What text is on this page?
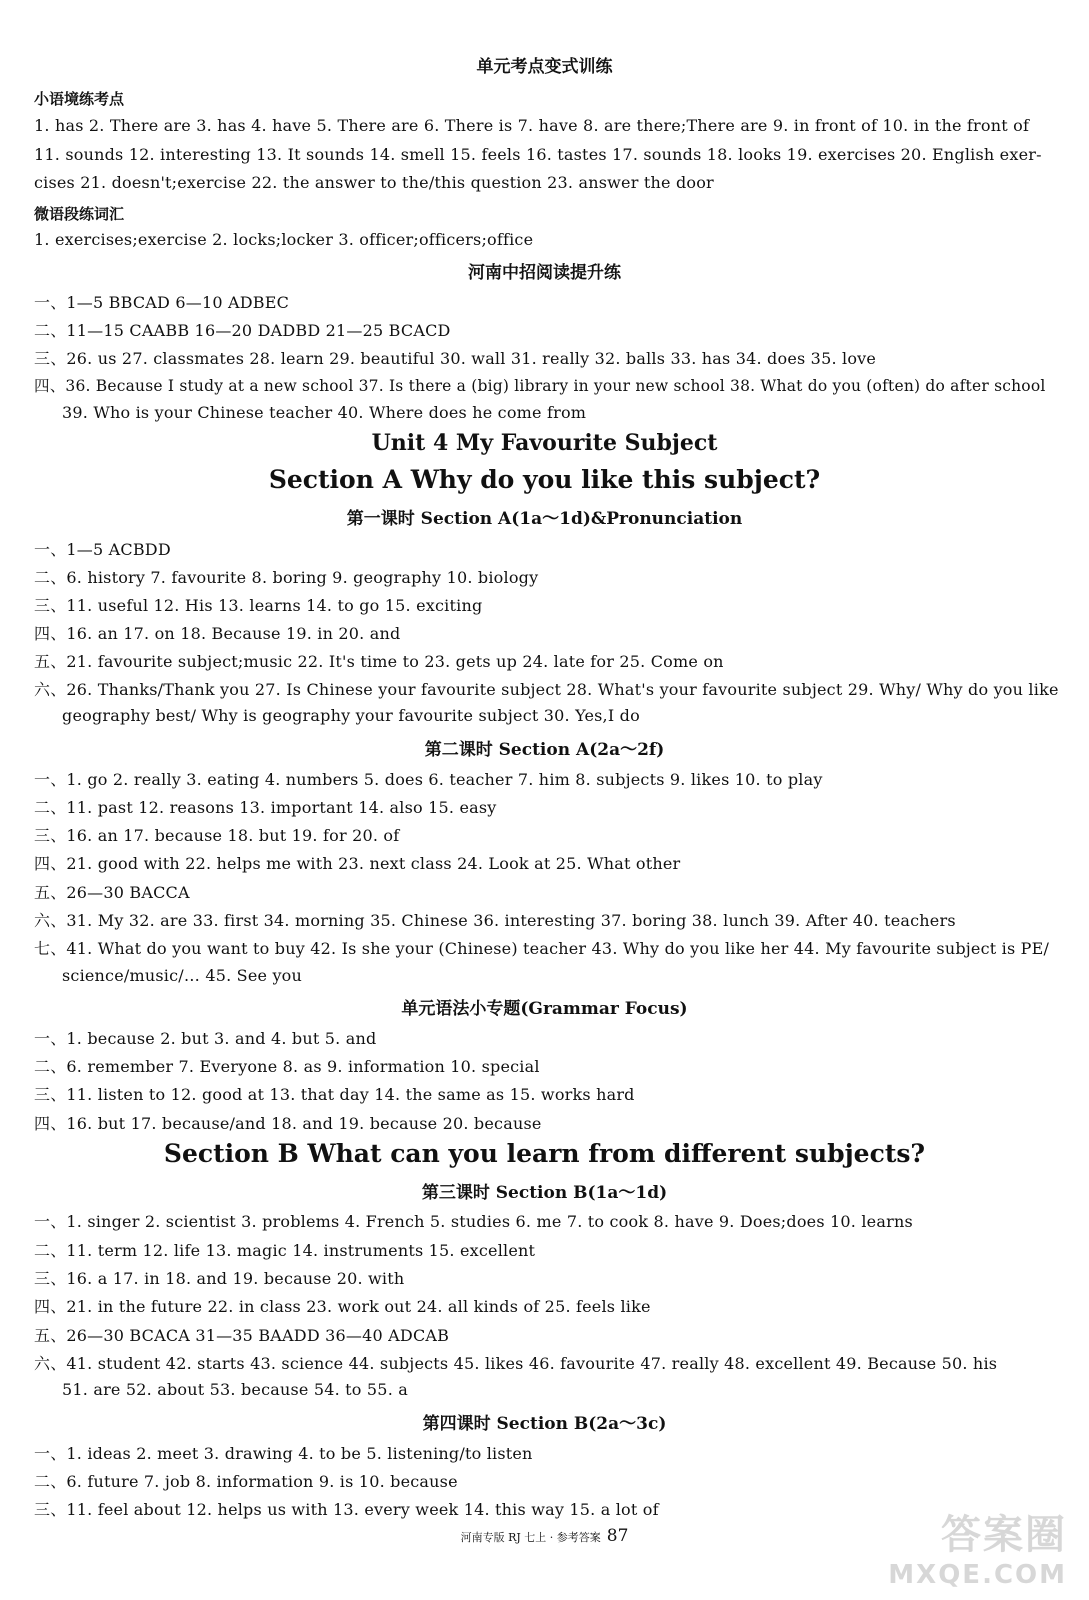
单元考点变式训练
小语境练考点
1. has 2. There are 3. has 4. have 5. There are 6. There is 7. have 8. are there;There are 9. in front of 10. in the front of
11. sounds 12. interesting 13. It sounds 14. smell 15. feels 16. tastes 17. sounds 18. looks 19. exercises 20. English exer-
cises 21. doesn't;exercise 22. the answer to the/this question 23. answer the door
微语段练词汇
1. exercises;exercise 2. locks;locker 3. officer;officers;office
河南中招阅读提升练
一、1—5 BBCAD 6—10 ADBEC
二、11—15 CAABB 16—20 DADBD 21—25 BCACD
三、26. us 27. classmates 28. learn 29. beautiful 30. wall 31. really 32. balls 33. has 34. does 35. love
四、36. Because I study at a new school 37. Is there a (big) library in your new school 38. What do you (often) do after school
39. Who is your Chinese teacher 40. Where does he come from
Unit 4 My Favourite Subject
Section A Why do you like this subject?
第一课时 Section A(1a～1d)&Pronunciation
一、1—5 ACBDD
二、6. history 7. favourite 8. boring 9. geography 10. biology
三、11. useful 12. His 13. learns 14. to go 15. exciting
四、16. an 17. on 18. Because 19. in 20. and
五、21. favourite subject;music 22. It's time to 23. gets up 24. late for 25. Come on
六、26. Thanks/Thank you 27. Is Chinese your favourite subject 28. What's your favourite subject 29. Why/ Why do you like
geography best/ Why is geography your favourite subject 30. Yes,I do
第二课时 Section A(2a～2f)
一、1. go 2. really 3. eating 4. numbers 5. does 6. teacher 7. him 8. subjects 9. likes 10. to play
二、11. past 12. reasons 13. important 14. also 15. easy
三、16. an 17. because 18. but 19. for 20. of
四、21. good with 22. helps me with 23. next class 24. Look at 25. What other
五、26—30 BACCA
六、31. My 32. are 33. first 34. morning 35. Chinese 36. interesting 37. boring 38. lunch 39. After 40. teachers
七、41. What do you want to buy 42. Is she your (Chinese) teacher 43. Why do you like her 44. My favourite subject is PE/
science/music/… 45. See you
单元语法小专题(Grammar Focus)
一、1. because 2. but 3. and 4. but 5. and
二、6. remember 7. Everyone 8. as 9. information 10. special
三、11. listen to 12. good at 13. that day 14. the same as 15. works hard
四、16. but 17. because/and 18. and 19. because 20. because
Section B What can you learn from different subjects?
第三课时 Section B(1a～1d)
一、1. singer 2. scientist 3. problems 4. French 5. studies 6. me 7. to cook 8. have 9. Does;does 10. learns
二、11. term 12. life 13. magic 14. instruments 15. excellent
三、16. a 17. in 18. and 19. because 20. with
四、21. in the future 22. in class 23. work out 24. all kinds of 25. feels like
五、26—30 BCACA 31—35 BAADD 36—40 ADCAB
六、41. student 42. starts 43. science 44. subjects 45. likes 46. favourite 47. really 48. excellent 49. Because 50. his
51. are 52. about 53. because 54. to 55. a
第四课时 Section B(2a～3c)
一、1. ideas 2. meet 3. drawing 4. to be 5. listening/to listen
二、6. future 7. job 8. information 9. is 10. because
三、11. feel about 12. helps us with 13. every week 14. this way 15. a lot of
河南专版 RJ 七上 · 参考答案 87	答案圈
MXQE.COM
